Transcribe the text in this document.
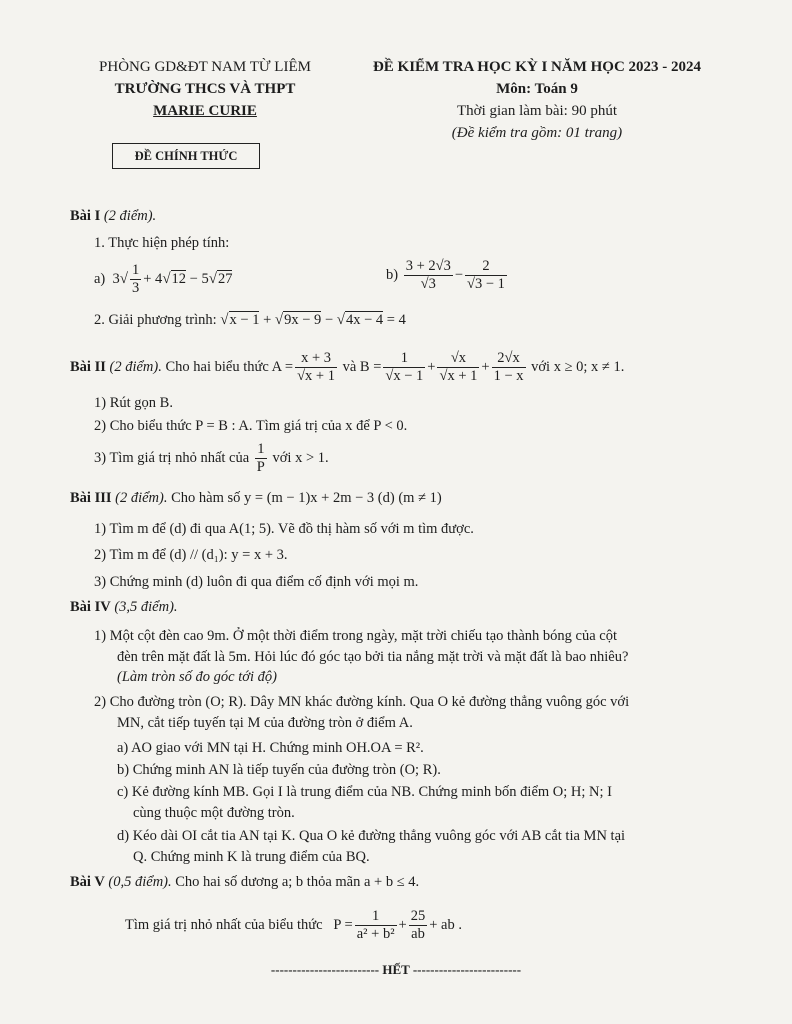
PHÒNG GD&ĐT NAM TỪ LIÊM
TRƯỜNG THCS VÀ THPT
MARIE CURIE
ĐỀ CHÍNH THỨC
ĐỀ KIỂM TRA HỌC KỲ I NĂM HỌC 2023 - 2024
Môn: Toán 9
Thời gian làm bài: 90 phút
(Đề kiểm tra gồm: 01 trang)
Bài I (2 điểm).
1. Thực hiện phép tính:
a)  $3√ \frac{1}{3} + 4√12 - 5√27$	$b) \frac{3 + 2√3}{√3} - \frac{2}{√3 - 1}$
2. Giải phương trình: √x − 1 + √9x − 9 − √4x − 4 = 4
Bài II (2 điểm). Cho hai biểu thức $A = \frac{x + 3}{√x + 1}$ và $B = \frac{1}{√x - 1} + \frac{√x}{√x + 1} + \frac{2√x}{1 - x}$ với x ≥ 0; x ≠ 1.
1) Rút gọn B.
2) Cho biểu thức P = B : A. Tìm giá trị của x để P < 0.
3) Tìm giá trị nhỏ nhất của $\frac{1}{P}$ với x > 1.
Bài III (2 điểm). Cho hàm số y = (m − 1)x + 2m − 3 (d) (m ≠ 1)
1) Tìm m để (d) đi qua A(1; 5). Vẽ đồ thị hàm số với m tìm được.
2) Tìm m để (d) // (d₁): y = x + 3.
3) Chứng minh (d) luôn đi qua điểm cố định với mọi m.
Bài IV (3,5 điểm).
1) Một cột đèn cao 9m. Ở một thời điểm trong ngày, mặt trời chiếu tạo thành bóng của cột
đèn trên mặt đất là 5m. Hỏi lúc đó góc tạo bởi tia nắng mặt trời và mặt đất là bao nhiêu?
(Làm tròn số đo góc tới độ)
2) Cho đường tròn (O; R). Dây MN khác đường kính. Qua O kẻ đường thẳng vuông góc với
MN, cắt tiếp tuyến tại M của đường tròn ở điểm A.
a) AO giao với MN tại H. Chứng minh OH.OA = R².
b) Chứng minh AN là tiếp tuyến của đường tròn (O; R).
c) Kẻ đường kính MB. Gọi I là trung điểm của NB. Chứng minh bốn điểm O; H; N; I
cùng thuộc một đường tròn.
d) Kéo dài OI cắt tia AN tại K. Qua O kẻ đường thẳng vuông góc với AB cắt tia MN tại
Q. Chứng minh K là trung điểm của BQ.
Bài V (0,5 điểm). Cho hai số dương a; b thỏa mãn a + b ≤ 4.
Tìm giá trị nhỏ nhất của biểu thức   $P = \frac{1}{\text{a² + b²}} + \frac{25}{ab}$ + ab .
------------------------- HẾT -------------------------
